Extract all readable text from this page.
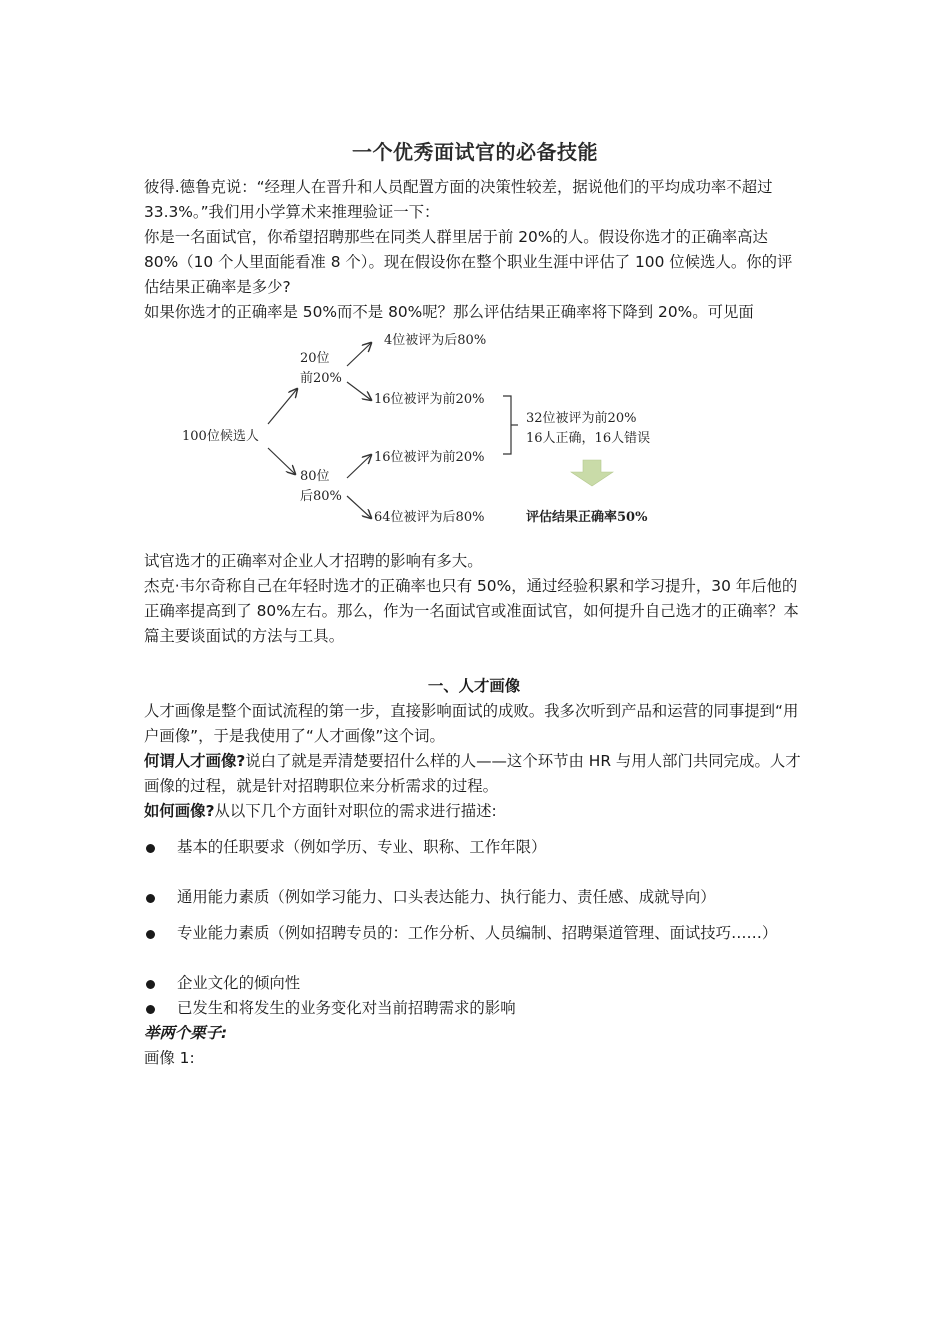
一个优秀面试官的必备技能

彼得.德鲁克说：“经理人在晋升和人员配置方面的决策性较差，据说他们的平均成功率不超过 33.3%。”我们用小学算术来推理验证一下：

你是一名面试官，你希望招聘那些在同类人群里居于前 20%的人。假设你选才的正确率高达 80%（10 个人里面能看准 8 个）。现在假设你在整个职业生涯中评估了 100 位候选人。你的评估结果正确率是多少?

如果你选才的正确率是 50%而不是 80%呢？那么评估结果正确率将下降到 20%。可见面

100位候选人
20位
前20%
80位
后80%
4位被评为后80%
16位被评为前20%
16位被评为前20%
64位被评为后80%
32位被评为前20%
16人正确，16人错误
评估结果正确率50%

试官选才的正确率对企业人才招聘的影响有多大。

杰克·韦尔奇称自己在年轻时选才的正确率也只有 50%，通过经验积累和学习提升，30 年后他的正确率提高到了 80%左右。那么，作为一名面试官或准面试官，如何提升自己选才的正确率？本篇主要谈面试的方法与工具。

一、人才画像

人才画像是整个面试流程的第一步，直接影响面试的成败。我多次听到产品和运营的同事提到“用户画像”，于是我使用了“人才画像”这个词。

何谓人才画像?说白了就是弄清楚要招什么样的人——这个环节由 HR 与用人部门共同完成。人才画像的过程，就是针对招聘职位来分析需求的过程。

如何画像?从以下几个方面针对职位的需求进行描述:

基本的任职要求（例如学历、专业、职称、工作年限）
通用能力素质（例如学习能力、口头表达能力、执行能力、责任感、成就导向）
专业能力素质（例如招聘专员的：工作分析、人员编制、招聘渠道管理、面试技巧……）
企业文化的倾向性
已发生和将发生的业务变化对当前招聘需求的影响

举两个栗子:

画像 1:
